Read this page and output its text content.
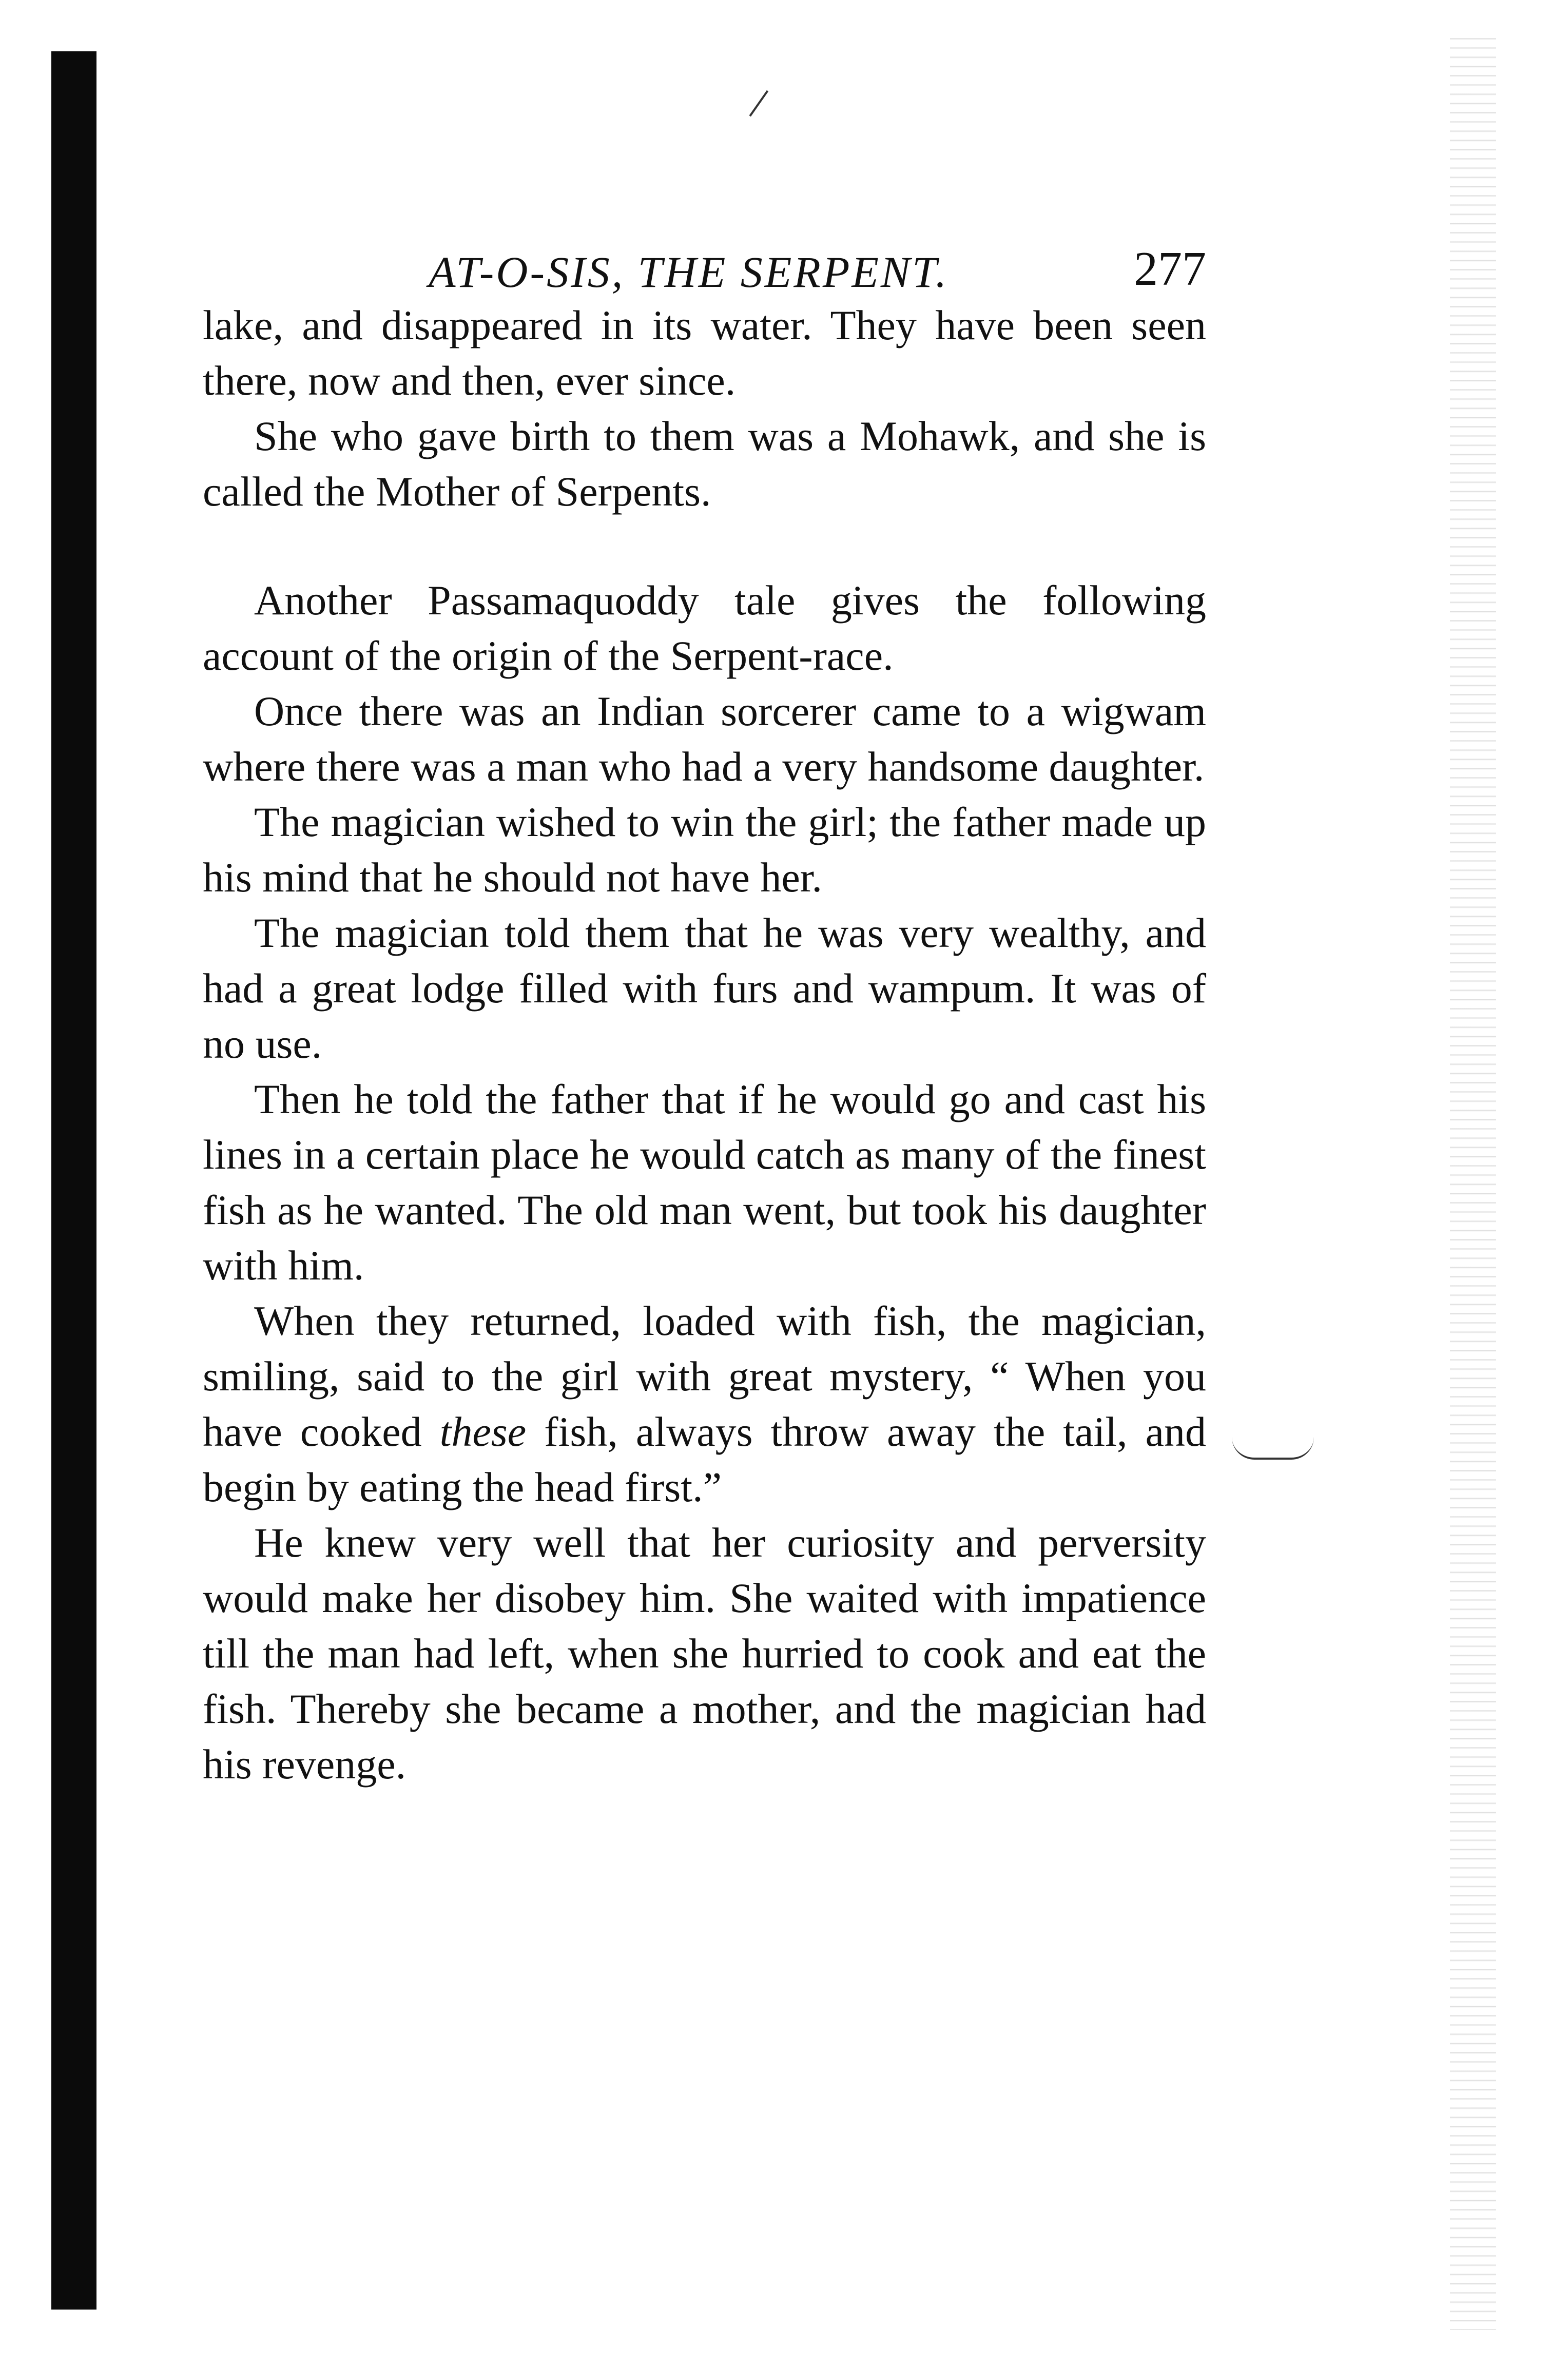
AT-O-SIS, THE SERPENT.	277

lake, and disappeared in its water. They have been seen there, now and then, ever since.

She who gave birth to them was a Mohawk, and she is called the Mother of Serpents.

Another Passamaquoddy tale gives the following account of the origin of the Serpent-race.

Once there was an Indian sorcerer came to a wigwam where there was a man who had a very handsome daughter.

The magician wished to win the girl; the father made up his mind that he should not have her.

The magician told them that he was very wealthy, and had a great lodge filled with furs and wampum. It was of no use.

Then he told the father that if he would go and cast his lines in a certain place he would catch as many of the finest fish as he wanted. The old man went, but took his daughter with him.

When they returned, loaded with fish, the magician, smiling, said to the girl with great mystery, “ When you have cooked these fish, always throw away the tail, and begin by eating the head first.”

He knew very well that her curiosity and perversity would make her disobey him. She waited with impatience till the man had left, when she hurried to cook and eat the fish. Thereby she became a mother, and the magician had his revenge.
